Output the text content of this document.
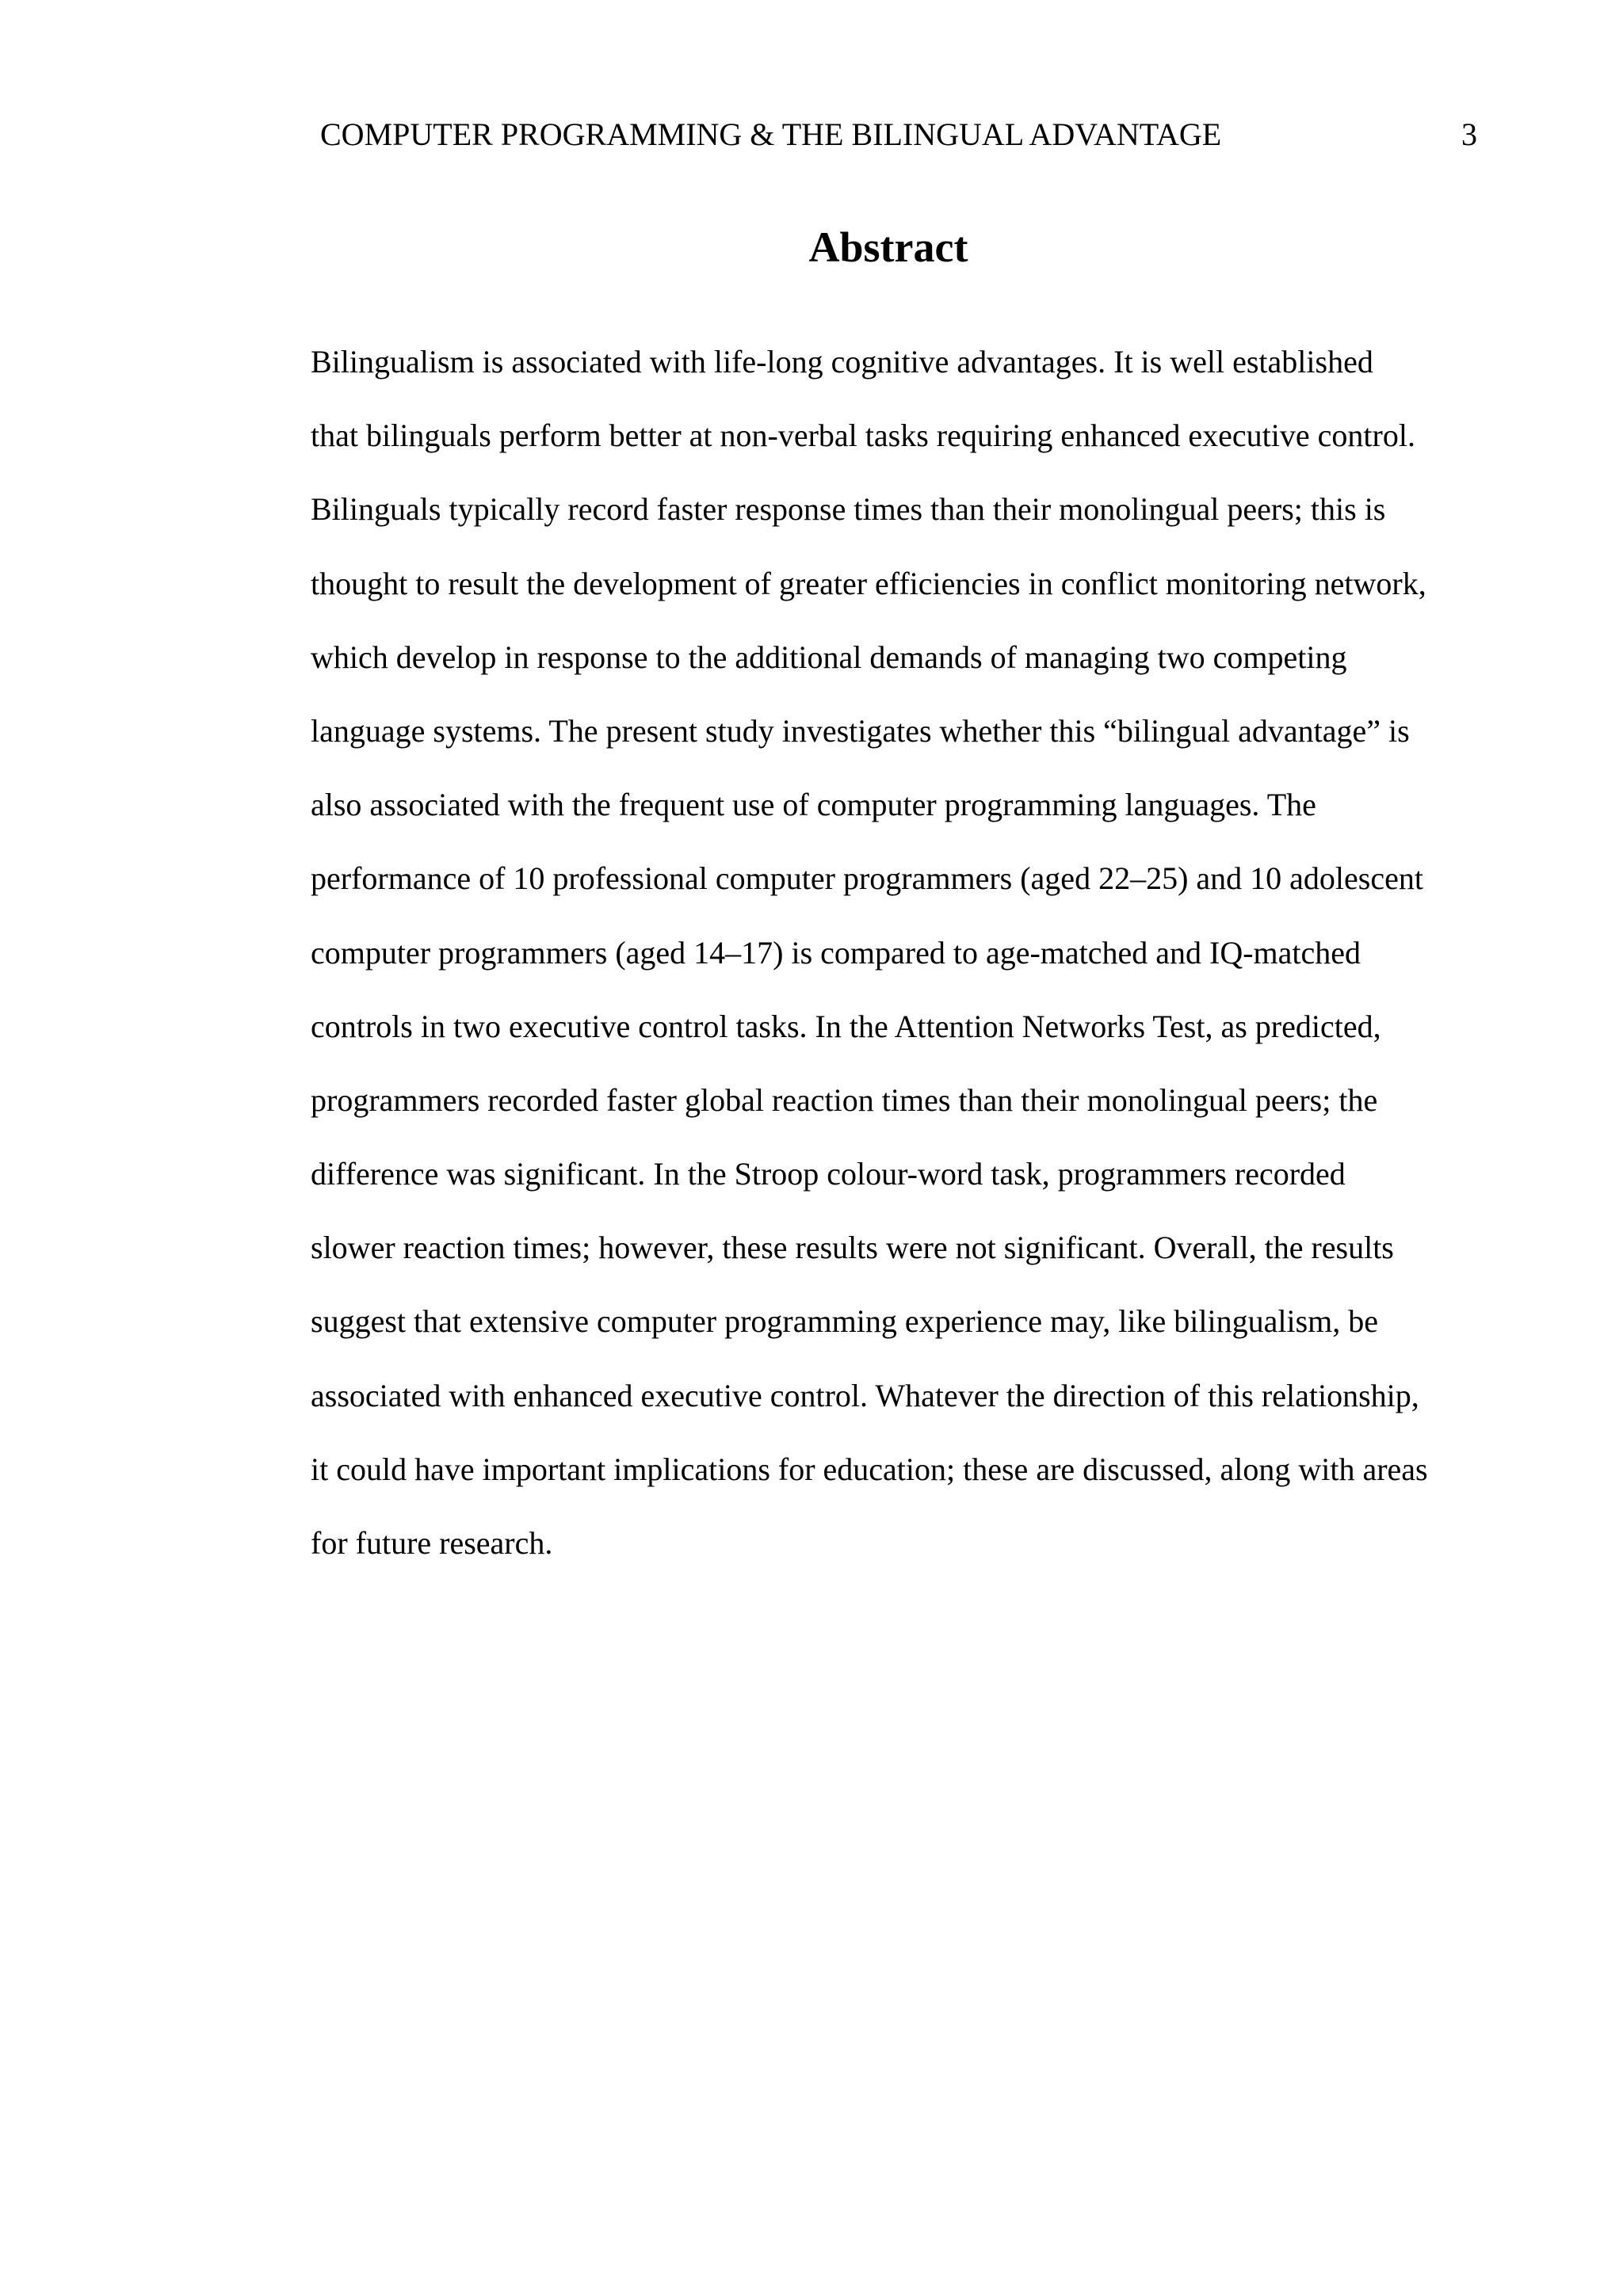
COMPUTER PROGRAMMING & THE BILINGUAL ADVANTAGE	3
Abstract
Bilingualism is associated with life-long cognitive advantages. It is well established
that bilinguals perform better at non-verbal tasks requiring enhanced executive control.
Bilinguals typically record faster response times than their monolingual peers; this is
thought to result the development of greater efficiencies in conflict monitoring network,
which develop in response to the additional demands of managing two competing
language systems. The present study investigates whether this “bilingual advantage” is
also associated with the frequent use of computer programming languages. The
performance of 10 professional computer programmers (aged 22–25) and 10 adolescent
computer programmers (aged 14–17) is compared to age-matched and IQ-matched
controls in two executive control tasks. In the Attention Networks Test, as predicted,
programmers recorded faster global reaction times than their monolingual peers; the
difference was significant. In the Stroop colour-word task, programmers recorded
slower reaction times; however, these results were not significant. Overall, the results
suggest that extensive computer programming experience may, like bilingualism, be
associated with enhanced executive control. Whatever the direction of this relationship,
it could have important implications for education; these are discussed, along with areas
for future research.
